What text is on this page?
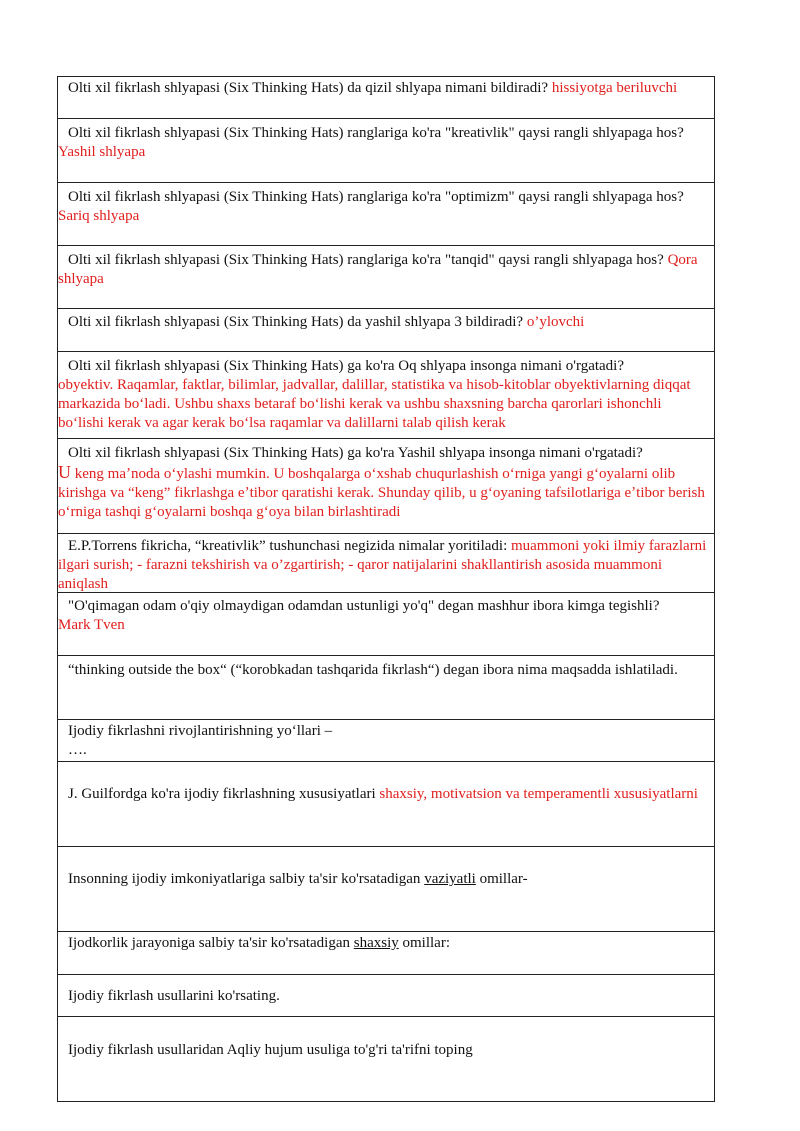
Olti xil fikrlash shlyapasi (Six Thinking Hats) da qizil shlyapa nimani bildiradi? hissiyotga beriluvchi
Olti xil fikrlash shlyapasi (Six Thinking Hats) ranglariga ko'ra "kreativlik" qaysi rangli shlyapaga hos? Yashil shlyapa
Olti xil fikrlash shlyapasi (Six Thinking Hats) ranglariga ko'ra "optimizm" qaysi rangli shlyapaga hos? Sariq shlyapa
Olti xil fikrlash shlyapasi (Six Thinking Hats) ranglariga ko'ra "tanqid" qaysi rangli shlyapaga hos? Qora shlyapa
Olti xil fikrlash shlyapasi (Six Thinking Hats) da yashil shlyapa 3 bildiradi? o’ylovchi
Olti xil fikrlash shlyapasi (Six Thinking Hats) ga ko'ra Oq shlyapa insonga nimani o'rgatadi?
obyektiv. Raqamlar, faktlar, bilimlar, jadvallar, dalillar, statistika va hisob-kitoblar obyektivlarning diqqat markazida boʻladi. Ushbu shaxs betaraf boʻlishi kerak va ushbu shaxsning barcha qarorlari ishonchli boʻlishi kerak va agar kerak boʻlsa raqamlar va dalillarni talab qilish kerak
Olti xil fikrlash shlyapasi (Six Thinking Hats) ga ko'ra Yashil shlyapa insonga nimani o'rgatadi?
U keng maʼnoda oʻylashi mumkin. U boshqalarga oʻxshab chuqurlashish oʻrniga yangi gʻoyalarni olib kirishga va “keng” fikrlashga eʼtibor qaratishi kerak. Shunday qilib, u gʻoyaning tafsilotlariga eʼtibor berish oʻrniga tashqi gʻoyalarni boshqa gʻoya bilan birlashtiradi
E.P.Torrens fikricha, “kreativlik” tushunchasi negizida nimalar yoritiladi: muammoni yoki ilmiy farazlarni ilgari surish; - farazni tekshirish va o’zgartirish; - qaror natijalarini shakllantirish asosida muammoni aniqlash
"O'qimagan odam o'qiy olmaydigan odamdan ustunligi yo'q" degan mashhur ibora kimga tegishli?
Mark Tven
“thinking outside the box“ (“korobkadan tashqarida fikrlash“) degan ibora nima maqsadda ishlatiladi.
Ijodiy fikrlashni rivojlantirishning yo‘llari –
….
J. Guilfordga ko'ra ijodiy fikrlashning xususiyatlari shaxsiy, motivatsion va temperamentli xususiyatlarni
Insonning ijodiy imkoniyatlariga salbiy ta'sir ko'rsatadigan vaziyatli omillar-
Ijodkorlik jarayoniga salbiy ta'sir ko'rsatadigan shaxsiy omillar:
Ijodiy fikrlash usullarini ko'rsating.
Ijodiy fikrlash usullaridan Aqliy hujum usuliga to'g'ri ta'rifni toping
